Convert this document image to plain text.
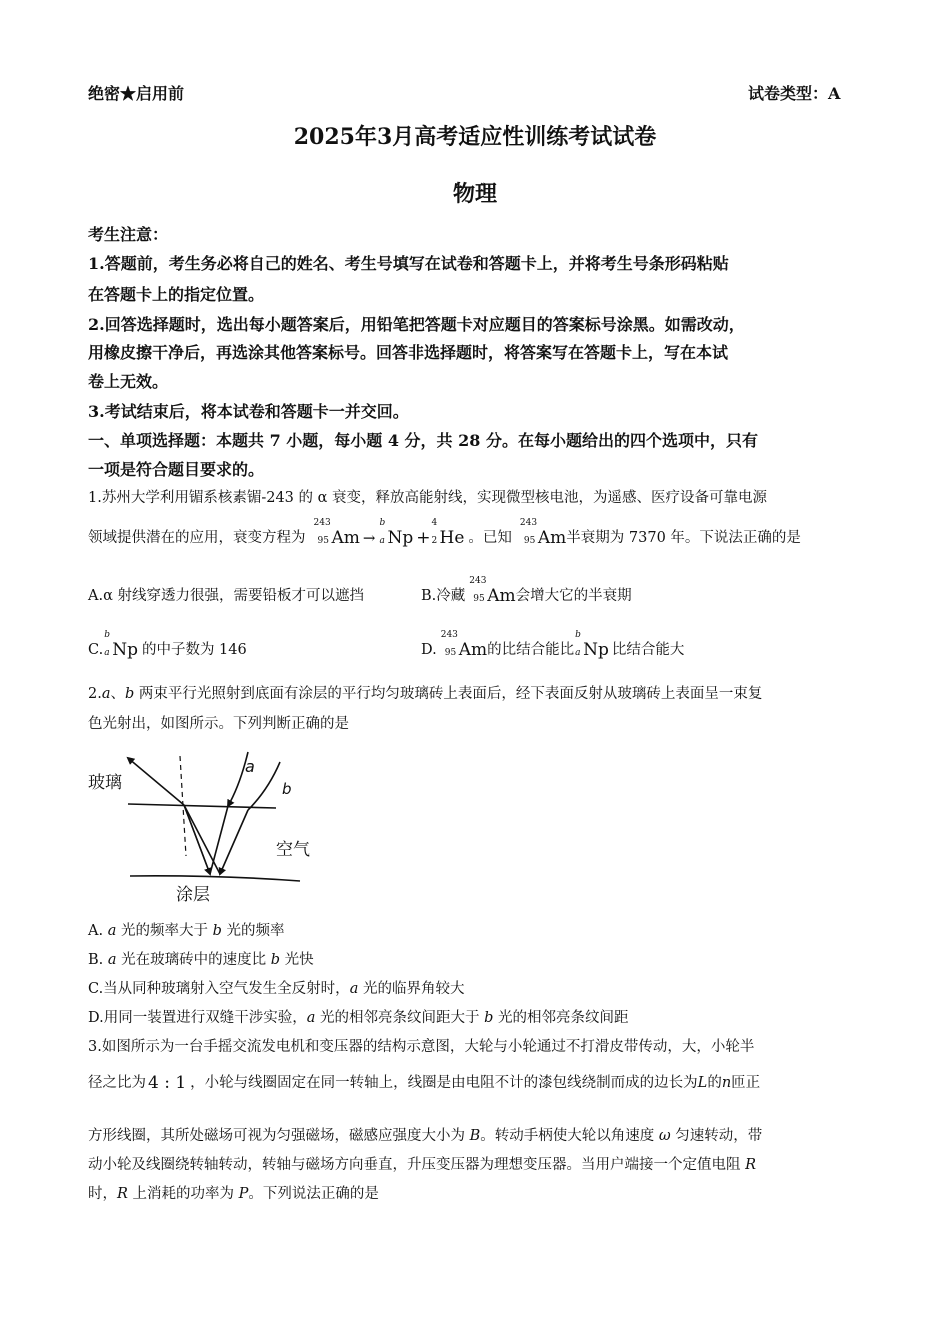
绝密★启用前	试卷类型：A
2025年3月高考适应性训练考试试卷
物理
考生注意：
1.答题前，考生务必将自己的姓名、考生号填写在试卷和答题卡上，并将考生号条形码粘贴
在答题卡上的指定位置。
2.回答选择题时，选出每小题答案后，用铅笔把答题卡对应题目的答案标号涂黑。如需改动，
用橡皮擦干净后，再选涂其他答案标号。回答非选择题时，将答案写在答题卡上，写在本试
卷上无效。
3.考试结束后，将本试卷和答题卡一并交回。
一、单项选择题：本题共 7 小题，每小题 4 分，共 28 分。在每小题给出的四个选项中，只有
一项是符合题目要求的。
1.苏州大学利用镅系核素镅-243 的 α 衰变，释放高能射线，实现微型核电池，为遥感、医疗设备可靠电源
领域提供潜在的应用，衰变方程为
243
95 Am →
b
a Np +
4
2 He 。已知
243
95 Am 半衰期为 7370 年。下说法正确的是
A.α 射线穿透力很强，需要铅板才可以遮挡	B.冷藏
243
95 Am 会增大它的半衰期
C.
b
a Np 的中子数为 146	D.
243
95 Am 的比结合能比
b
a Np 比结合能大
2.a、b 两束平行光照射到底面有涂层的平行均匀玻璃砖上表面后，经下表面反射从玻璃砖上表面呈一束复
色光射出，如图所示。下列判断正确的是
玻璃
空气
涂层
a
b
A. a 光的频率大于 b 光的频率
B. a 光在玻璃砖中的速度比 b 光快
C.当从同种玻璃射入空气发生全反射时，a 光的临界角较大
D.用同一装置进行双缝干涉实验，a 光的相邻亮条纹间距大于 b 光的相邻亮条纹间距
3.如图所示为一台手摇交流发电机和变压器的结构示意图，大轮与小轮通过不打滑皮带传动，大，小轮半
径之比为 4 : 1 ，小轮与线圈固定在同一转轴上，线圈是由电阻不计的漆包线绕制而成的边长为 L 的 n 匝正
方形线圈，其所处磁场可视为匀强磁场，磁感应强度大小为 B。转动手柄使大轮以角速度 ω 匀速转动，带
动小轮及线圈绕转轴转动，转轴与磁场方向垂直，升压变压器为理想变压器。当用户端接一个定值电阻 R
时，R 上消耗的功率为 P。下列说法正确的是
